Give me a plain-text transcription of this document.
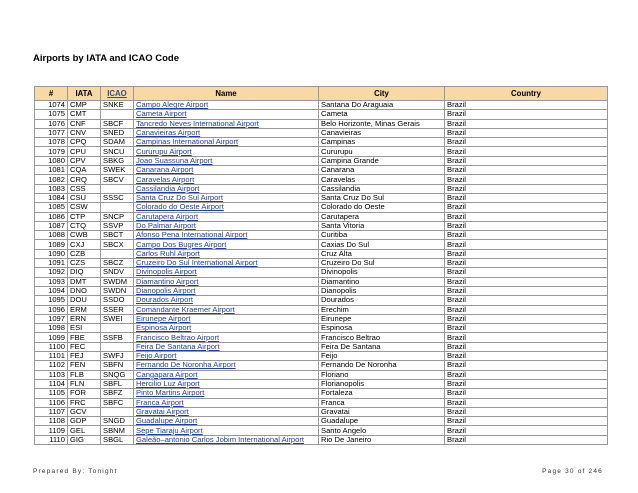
Airports by IATA and ICAO Code
#	IATA	ICAO	Name	City	Country
1074	CMP	SNKE	Campo Alegre Airport	Santana Do Araguaia	Brazil
1075	CMT		Cameta Airport	Cameta	Brazil
1076	CNF	SBCF	Tancredo Neves International Airport	Belo Horizonte, Minas Gerais	Brazil
1077	CNV	SNED	Canavieiras Airport	Canavieiras	Brazil
1078	CPQ	SDAM	Campinas International Airport	Campinas	Brazil
1079	CPU	SNCU	Cururupu Airport	Cururupu	Brazil
1080	CPV	SBKG	Joao Suassuna Airport	Campina Grande	Brazil
1081	CQA	SWEK	Canarana Airport	Canarana	Brazil
1082	CRQ	SBCV	Caravelas Airport	Caravelas	Brazil
1083	CSS		Cassilandia Airport	Cassilandia	Brazil
1084	CSU	SSSC	Santa Cruz Do Sul Airport	Santa Cruz Do Sul	Brazil
1085	CSW		Colorado do Oeste Airport	Colorado do Oeste	Brazil
1086	CTP	SNCP	Carutapera Airport	Carutapera	Brazil
1087	CTQ	SSVP	Do Palmar Airport	Santa Vitoria	Brazil
1088	CWB	SBCT	Afonso Pena International Airport	Curitiba	Brazil
1089	CXJ	SBCX	Campo Dos Bugres Airport	Caxias Do Sul	Brazil
1090	CZB		Carlos Ruhl Airport	Cruz Alta	Brazil
1091	CZS	SBCZ	Cruzeiro Do Sul International Airport	Cruzeiro Do Sul	Brazil
1092	DIQ	SNDV	Divinopolis Airport	Divinopolis	Brazil
1093	DMT	SWDM	Diamantino Airport	Diamantino	Brazil
1094	DNO	SWDN	Dianopolis Airport	Dianopolis	Brazil
1095	DOU	SSDO	Dourados Airport	Dourados	Brazil
1096	ERM	SSER	Comandante Kraemer Airport	Erechim	Brazil
1097	ERN	SWEI	Eirunepe Airport	Eirunepe	Brazil
1098	ESI		Espinosa Airport	Espinosa	Brazil
1099	FBE	SSFB	Francisco Beltrao Airport	Francisco Beltrao	Brazil
1100	FEC		Feira De Santana Airport	Feira De Santana	Brazil
1101	FEJ	SWFJ	Feijo Airport	Feijo	Brazil
1102	FEN	SBFN	Fernando De Noronha Airport	Fernando De Noronha	Brazil
1103	FLB	SNQG	Cangapara Airport	Floriano	Brazil
1104	FLN	SBFL	Hercilio Luz Airport	Florianopolis	Brazil
1105	FOR	SBFZ	Pinto Martins Airport	Fortaleza	Brazil
1106	FRC	SBFC	Franca Airport	Franca	Brazil
1107	GCV		Gravatai Airport	Gravatai	Brazil
1108	GDP	SNGD	Guadalupe Airport	Guadalupe	Brazil
1109	GEL	SBNM	Sepe Tiaraju Airport	Santo Angelo	Brazil
1110	GIG	SBGL	Galeão–antonio Carlos Jobim International Airport	Rio De Janeiro	Brazil
Prepared By: Tonight	Page 30 of 246
